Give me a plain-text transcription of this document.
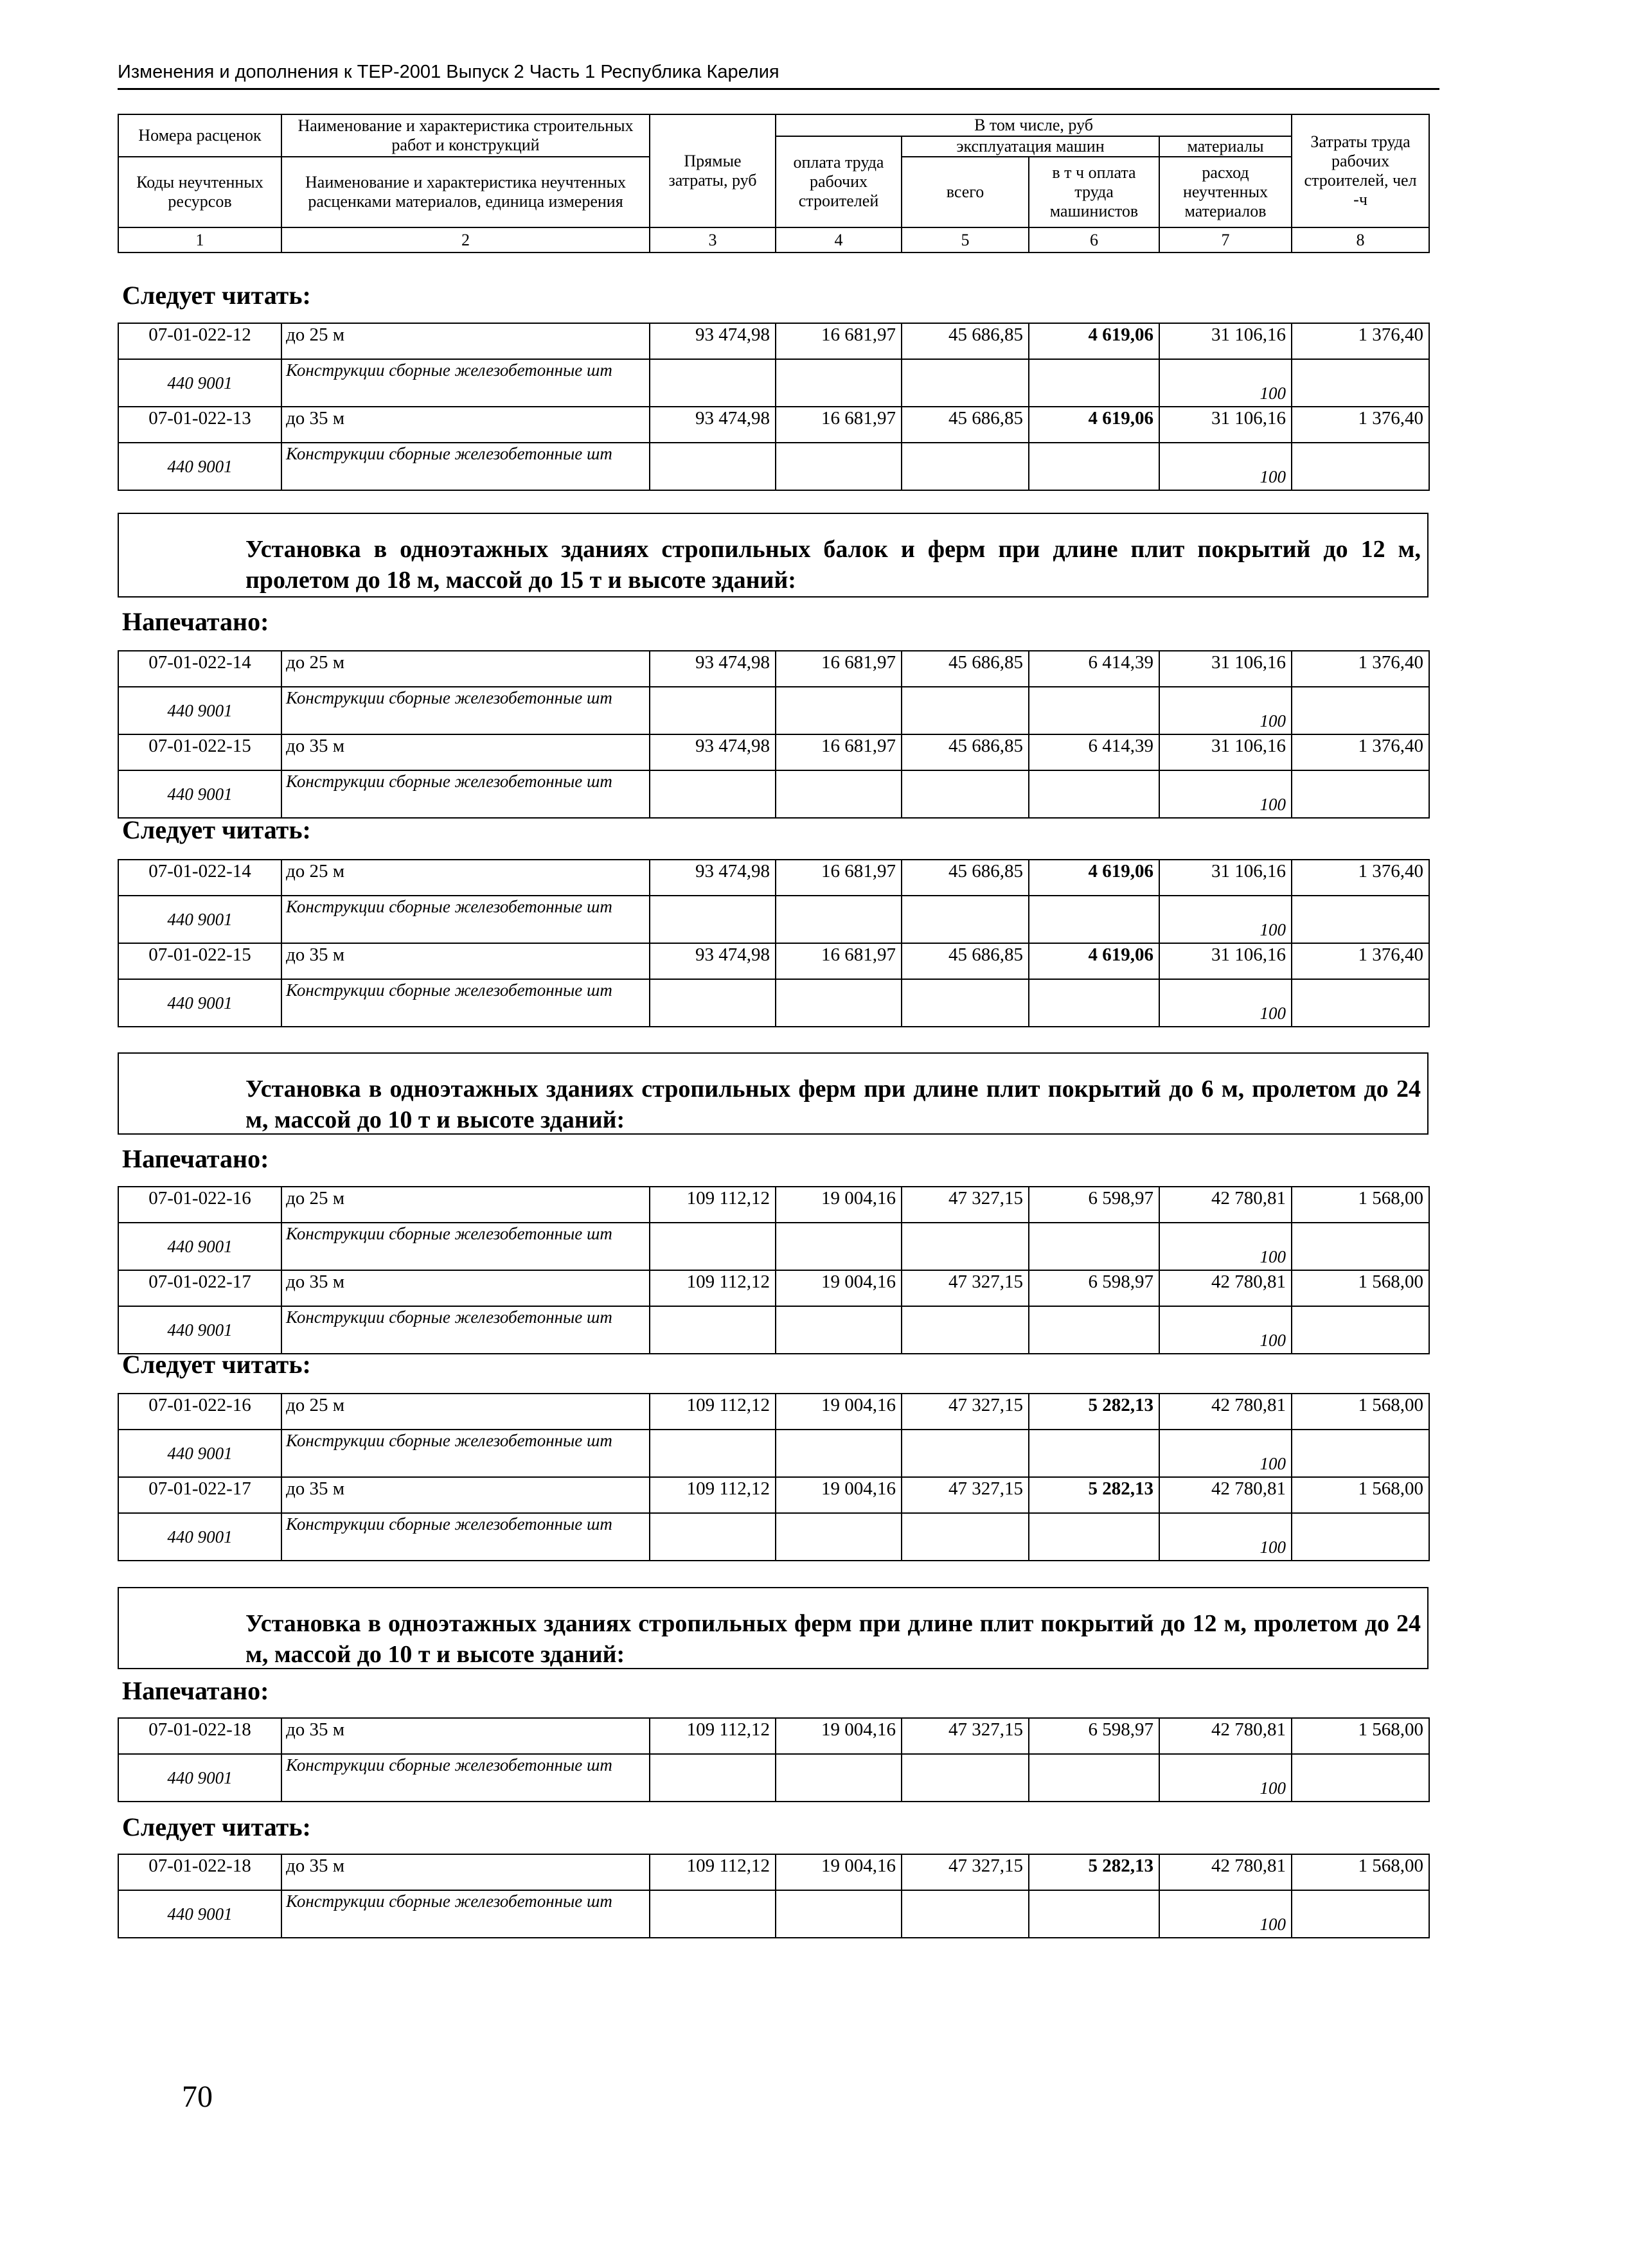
Изменения и дополнения к ТЕР-2001 Выпуск 2 Часть 1 Республика Карелия
Номера расценок	Наименование и характеристика строительных работ и конструкций	Прямые затраты, руб	В том числе, руб				Затраты труда рабочих строителей, чел -ч
			оплата труда рабочих строителей	эксплуатация машин		материалы	
Коды неучтенных ресурсов	Наименование и характеристика неучтенных расценками материалов, единица измерения			всего	в т ч оплата труда машинистов	расход неучтенных материалов	

1	2	3	4	5	6	7	8
Следует читать:
07-01-022-12	до 25 м	93 474,98	16 681,97	45 686,85	4 619,06	31 106,16	1 376,40
440 9001	Конструкции сборные железобетонные шт					100	
07-01-022-13	до 35 м	93 474,98	16 681,97	45 686,85	4 619,06	31 106,16	1 376,40
440 9001	Конструкции сборные железобетонные шт					100	
Установка в одноэтажных зданиях стропильных балок и ферм при длине плит покрытий до 12 м, пролетом до 18 м, массой до 15 т и высоте зданий:
Напечатано:
07-01-022-14	до 25 м	93 474,98	16 681,97	45 686,85	6 414,39	31 106,16	1 376,40
440 9001	Конструкции сборные железобетонные шт					100	
07-01-022-15	до 35 м	93 474,98	16 681,97	45 686,85	6 414,39	31 106,16	1 376,40
440 9001	Конструкции сборные железобетонные шт					100	
Следует читать:
07-01-022-14	до 25 м	93 474,98	16 681,97	45 686,85	4 619,06	31 106,16	1 376,40
440 9001	Конструкции сборные железобетонные шт					100	
07-01-022-15	до 35 м	93 474,98	16 681,97	45 686,85	4 619,06	31 106,16	1 376,40
440 9001	Конструкции сборные железобетонные шт					100	
Установка в одноэтажных зданиях стропильных ферм при длине плит покрытий до 6 м, пролетом до 24 м, массой до 10 т и высоте зданий:
Напечатано:
07-01-022-16	до 25 м	109 112,12	19 004,16	47 327,15	6 598,97	42 780,81	1 568,00
440 9001	Конструкции сборные железобетонные шт					100	
07-01-022-17	до 35 м	109 112,12	19 004,16	47 327,15	6 598,97	42 780,81	1 568,00
440 9001	Конструкции сборные железобетонные шт					100	
Следует читать:
07-01-022-16	до 25 м	109 112,12	19 004,16	47 327,15	5 282,13	42 780,81	1 568,00
440 9001	Конструкции сборные железобетонные шт					100	
07-01-022-17	до 35 м	109 112,12	19 004,16	47 327,15	5 282,13	42 780,81	1 568,00
440 9001	Конструкции сборные железобетонные шт					100	
Установка в одноэтажных зданиях стропильных ферм при длине плит покрытий до 12 м, пролетом до 24 м, массой до 10 т и высоте зданий:
Напечатано:
07-01-022-18	до 35 м	109 112,12	19 004,16	47 327,15	6 598,97	42 780,81	1 568,00
440 9001	Конструкции сборные железобетонные шт					100	
Следует читать:
07-01-022-18	до 35 м	109 112,12	19 004,16	47 327,15	5 282,13	42 780,81	1 568,00
440 9001	Конструкции сборные железобетонные шт					100	
70
